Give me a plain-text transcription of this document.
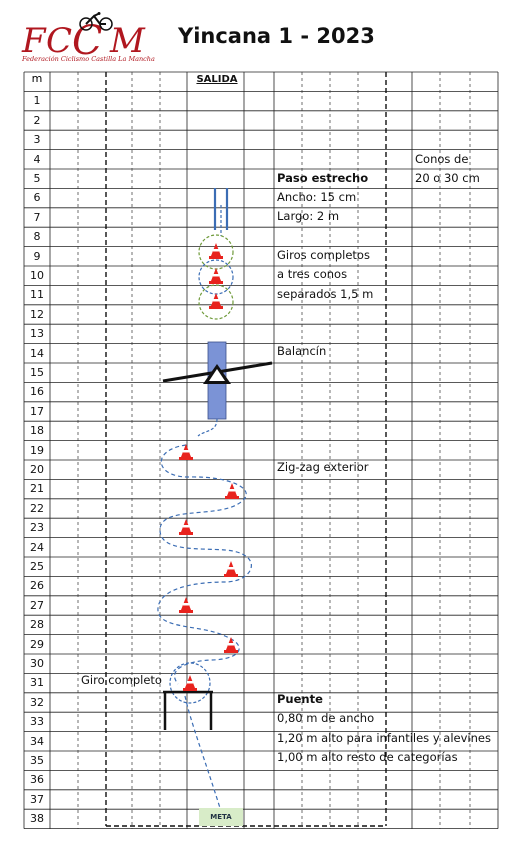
F C C M
Federación Ciclismo Castilla La Mancha
Yincana 1 - 2023
m	SALIDA
META
1
2
3
4
5
6
7
8
9
10
11
12
13
14
15
16
17
18
19
20
21
22
23
24
25
26
27
28
29
30
31
32
33
34
35
36
37
38
Conos de
20 o 30 cm
Paso estrecho
Ancho: 15 cm
Largo: 2 m
Giros completos
a tres conos
separados 1,5 m
Balancín
Zig-zag exterior
Giro completo
Puente
0,80 m de ancho
1,20 m alto para infantiles y alevines
1,00 m alto resto de categorías
